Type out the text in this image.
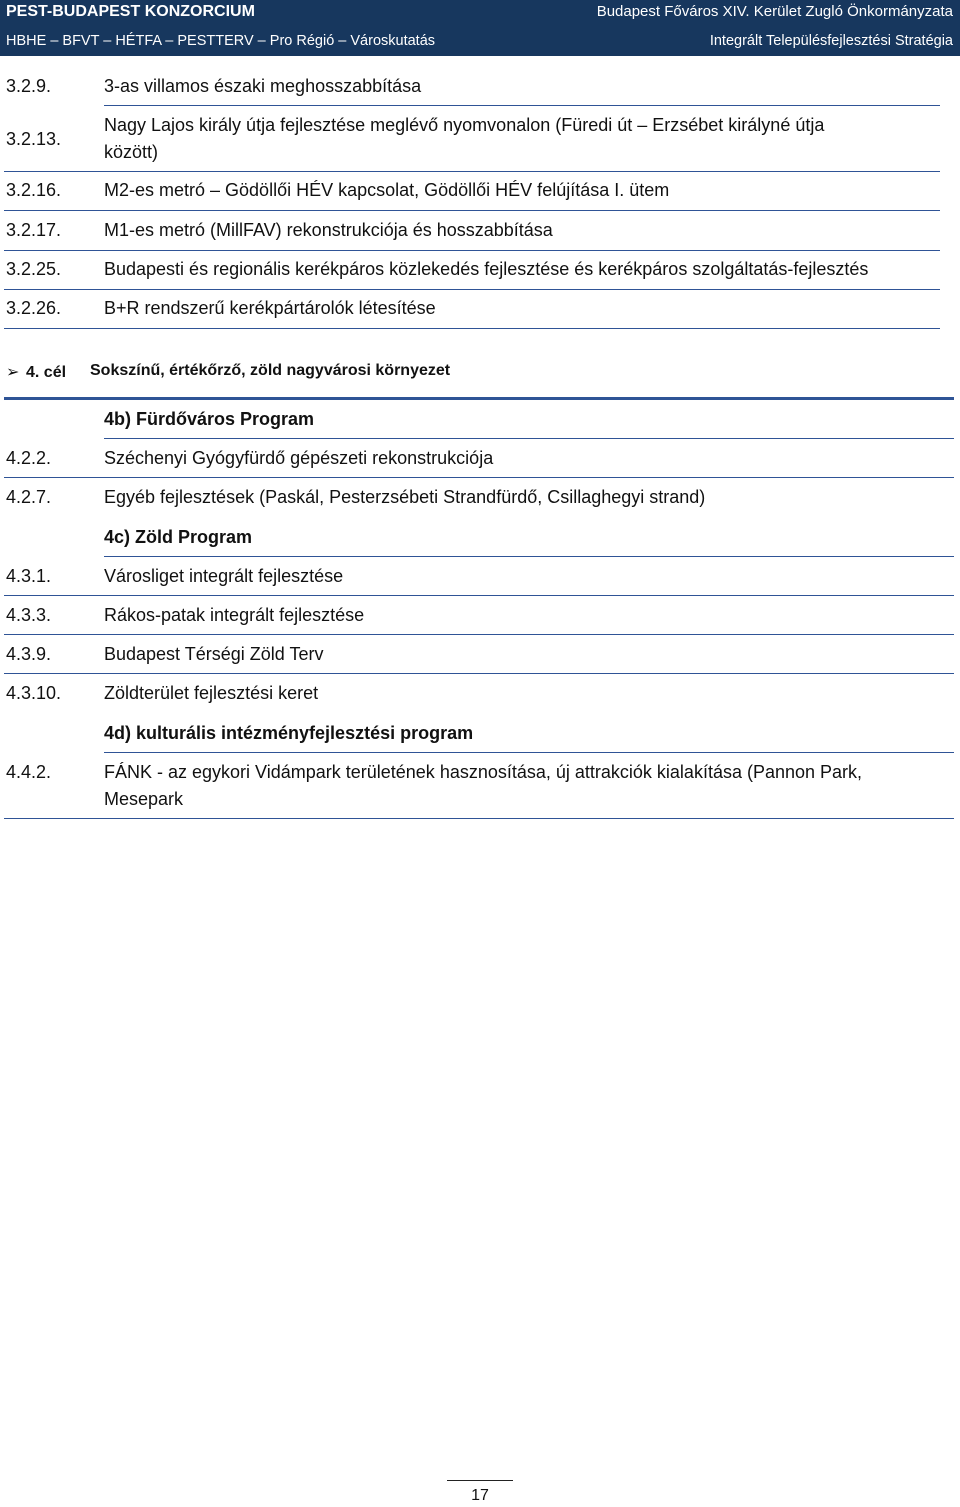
PEST-BUDAPEST KONZORCIUM
HBHE – BFVT – HÉTFA – PESTTERV – Pro Régió – Városkutatás
Budapest Főváros XIV. Kerület Zugló Önkormányzata
Integrált Településfejlesztési Stratégia
3.2.9.	3-as villamos északi meghosszabbítása
3.2.13.
Nagy Lajos király útja fejlesztése meglévő nyomvonalon (Füredi út – Erzsébet királyné útja
között)
3.2.16. M2-es metró – Gödöllői HÉV kapcsolat, Gödöllői HÉV felújítása I. ütem
3.2.17. M1-es metró (MillFAV) rekonstrukciója és hosszabbítása
3.2.25. Budapesti és regionális kerékpáros közlekedés fejlesztése és kerékpáros szolgáltatás-fejlesztés
3.2.26. B+R rendszerű kerékpártárolók létesítése
➢ 4. cél Sokszínű, értékőrző, zöld nagyvárosi környezet
4b) Fürdőváros Program
4.2.2.	Széchenyi Gyógyfürdő gépészeti rekonstrukciója
4.2.7.	Egyéb fejlesztések (Paskál, Pesterzsébeti Strandfürdő, Csillaghegyi strand)
4c) Zöld Program
4.3.1.	Városliget integrált fejlesztése
4.3.3.	Rákos-patak integrált fejlesztése
4.3.9.	Budapest Térségi Zöld Terv
4.3.10. Zöldterület fejlesztési keret
4d) kulturális intézményfejlesztési program
4.4.2.	FÁNK - az egykori Vidámpark területének hasznosítása, új attrakciók kialakítása (Pannon Park,
Mesepark
17
